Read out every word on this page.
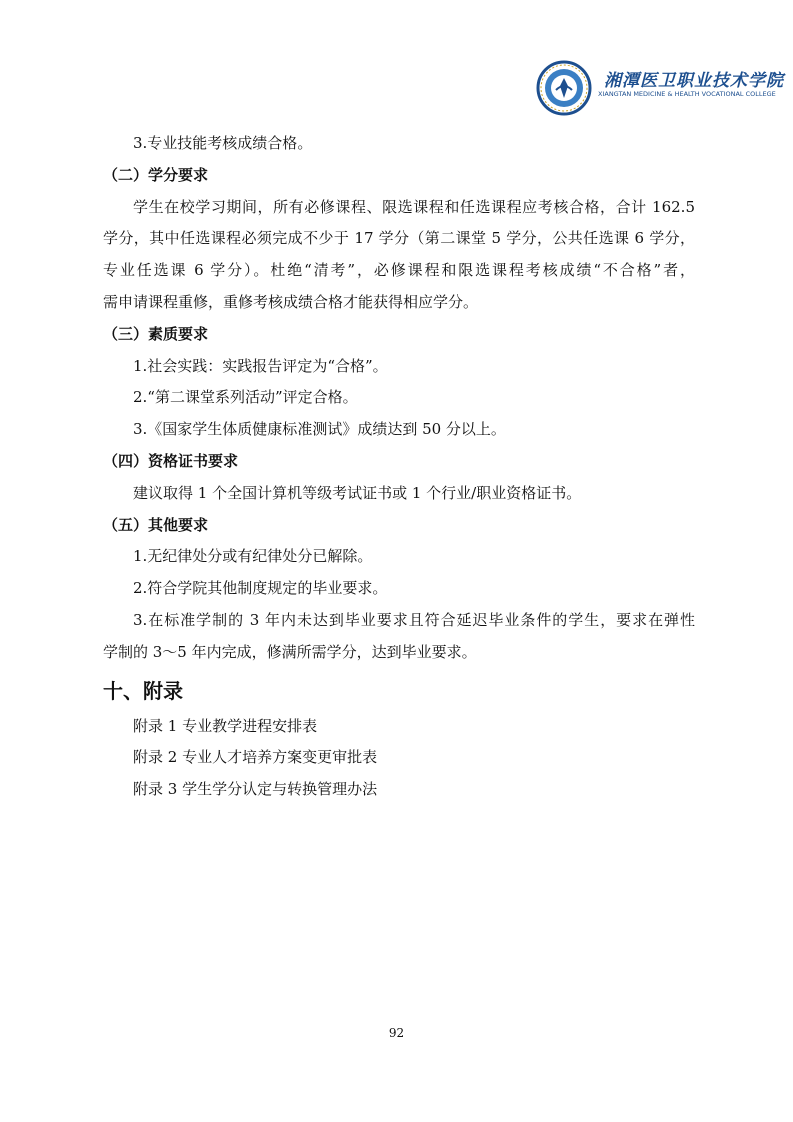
湘潭医卫职业技术学院
XIANGTAN MEDICINE & HEALTH VOCATIONAL COLLEGE
3.专业技能考核成绩合格。
（二）学分要求
学生在校学习期间，所有必修课程、限选课程和任选课程应考核合格，合计 162.5
学分，其中任选课程必须完成不少于 17 学分（第二课堂 5 学分，公共任选课 6 学分，
专业任选课 6 学分）。杜绝“清考”，必修课程和限选课程考核成绩“不合格”者，
需申请课程重修，重修考核成绩合格才能获得相应学分。
（三）素质要求
1.社会实践：实践报告评定为“合格”。
2.“第二课堂系列活动”评定合格。
3.《国家学生体质健康标准测试》成绩达到 50 分以上。
（四）资格证书要求
建议取得 1 个全国计算机等级考试证书或 1 个行业/职业资格证书。
（五）其他要求
1.无纪律处分或有纪律处分已解除。
2.符合学院其他制度规定的毕业要求。
3.在标准学制的 3 年内未达到毕业要求且符合延迟毕业条件的学生，要求在弹性
学制的 3～5 年内完成，修满所需学分，达到毕业要求。
十、附录
附录 1 专业教学进程安排表
附录 2 专业人才培养方案变更审批表
附录 3 学生学分认定与转换管理办法
92
